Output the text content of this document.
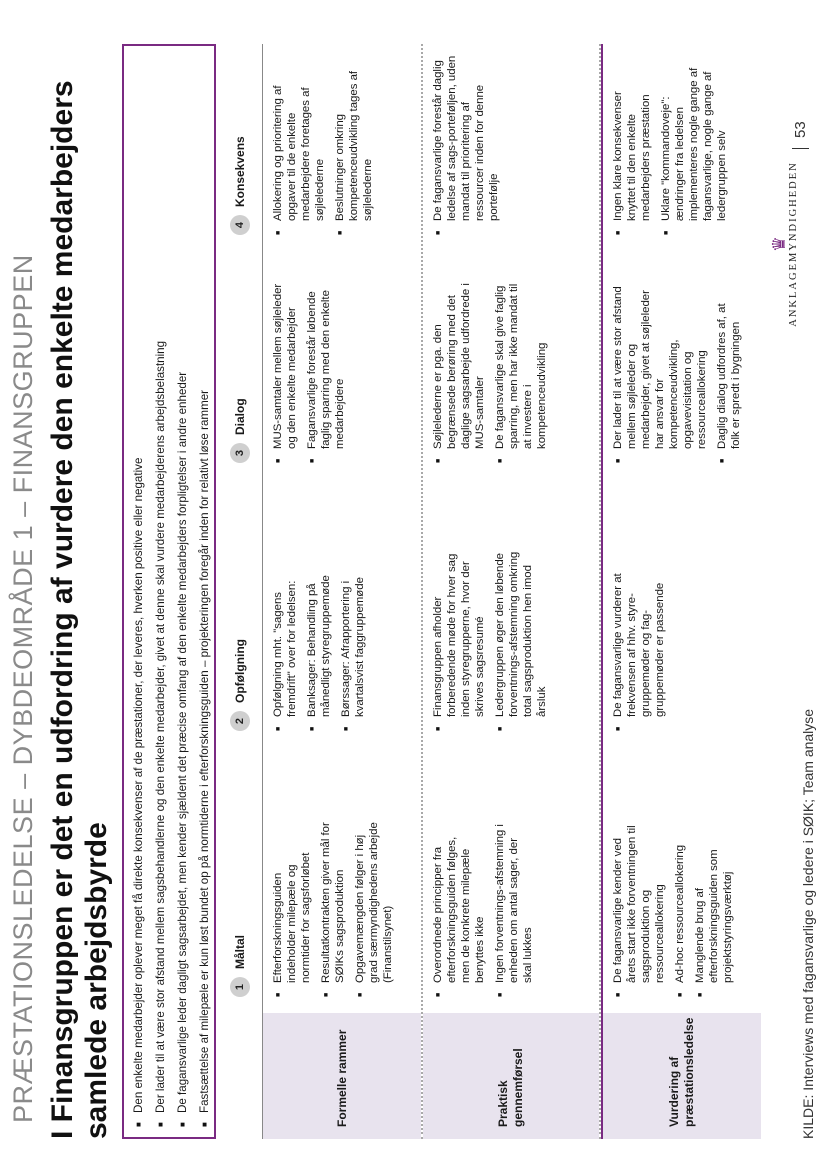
PRÆSTATIONSLEDELSE – DYBDEOMRÅDE 1 – FINANSGRUPPEN I Finansgruppen er det en udfordring af vurdere den enkelte medarbejders samlede arbejdsbyrde	■ Den enkelte medarbejder oplever meget få direkte konsekvenser af de præstationer, der leveres, hverken positive eller negative ■ Der lader til at være stor afstand mellem sagsbehandlerne og den enkelte medarbejder, givet at denne skal vurdere medarbejderens arbejdsbelastning ■ De fagansvarlige leder dagligt sagsarbejdet, men kender sjældent det præcise omfang af den enkelte medarbejders forpligtelser i andre enheder ■ Fastsættelse af milepæle er kun løst bundet op på normtiderne i efterforskningsguiden – projekteringen foregår inden for relativt løse rammer	1
Måltal
2
Opfølgning
3
Dialog
4
Konsekvens
Formelle rammer
■ Efterforskningsguiden indeholder milepæle og normtider for sagsforløbet ■ Resultatkontrakten giver mål for SØIKs sagsproduktion ■ Opgavemængden følger i høj grad særmyndighedens arbejde (Finanstilsynet)
■ Opfølgning mht. "sagens fremdrift" over for ledelsen: ■ Banksager: Behandling på månedligt styregruppemøde ■ Børssager: Afrapportering i kvartalsvist faggruppemøde
■ MUS-samtaler mellem søjleleder og den enkelte medarbejder ■ Fagansvarlige forestår løbende faglig sparring med den enkelte medarbejdere
■ Allokering og prioritering af opgaver til de enkelte medarbejdere foretages af søjlelederne ■ Beslutninger omkring kompetenceudvikling tages af søjlelederne
Praktisk gennemførsel
■ Overordnede principper fra efterforskningsguiden følges, men de konkrete milepæle benyttes ikke ■ Ingen forventnings-afstemning i enheden om antal sager, der skal lukkes
■ Finansgruppen afholder forberedende møde for hver sag inden styregrupperne, hvor der skrives sagsresumé ■ Ledergruppen øger den løbende forventnings-afstemning omkring total sagsproduktion hen imod årsluk
■ Søjlelederne er pga. den begrænsede berøring med det daglige sagsarbejde udfordrede i MUS-samtaler ■ De fagansvarlige skal give faglig sparring, men har ikke mandat til at investere i kompetenceudvikling
■ De fagansvarlige forestår daglig ledelse af sags-porteføljen, uden mandat til prioritering af ressourcer inden for denne portefølje
Vurdering af præstationsledelse
■ De fagansvarlige kender ved årets start ikke forventningen til sagsproduktion og ressourceallokering ■ Ad-hoc ressourceallokering ■ Manglende brug af efterforskningsguiden som projektstyringsværktøj
■ De fagansvarlige vurderer at frekvensen af hhv. styre-gruppemøder og fag-gruppemøder er passende
■ Der lader til at være stor afstand mellem søjleleder og medarbejder, givet at søjleleder har ansvar for kompetenceudvikling, opgavevisitation og ressourceallokering ■ Daglig dialog udfordres af, at folk er spredt i bygningen
■ Ingen klare konsekvenser knyttet til den enkelte medarbejders præstation ■ Uklare "kommandoveje": ændringer fra ledelsen implementeres nogle gange af fagansvarlige, nogle gange af ledergruppen selv
KILDE: Interviews med fagansvarlige og ledere i SØIK; Team analyse
♛ ANKLAGEMYNDIGHEDEN
53
